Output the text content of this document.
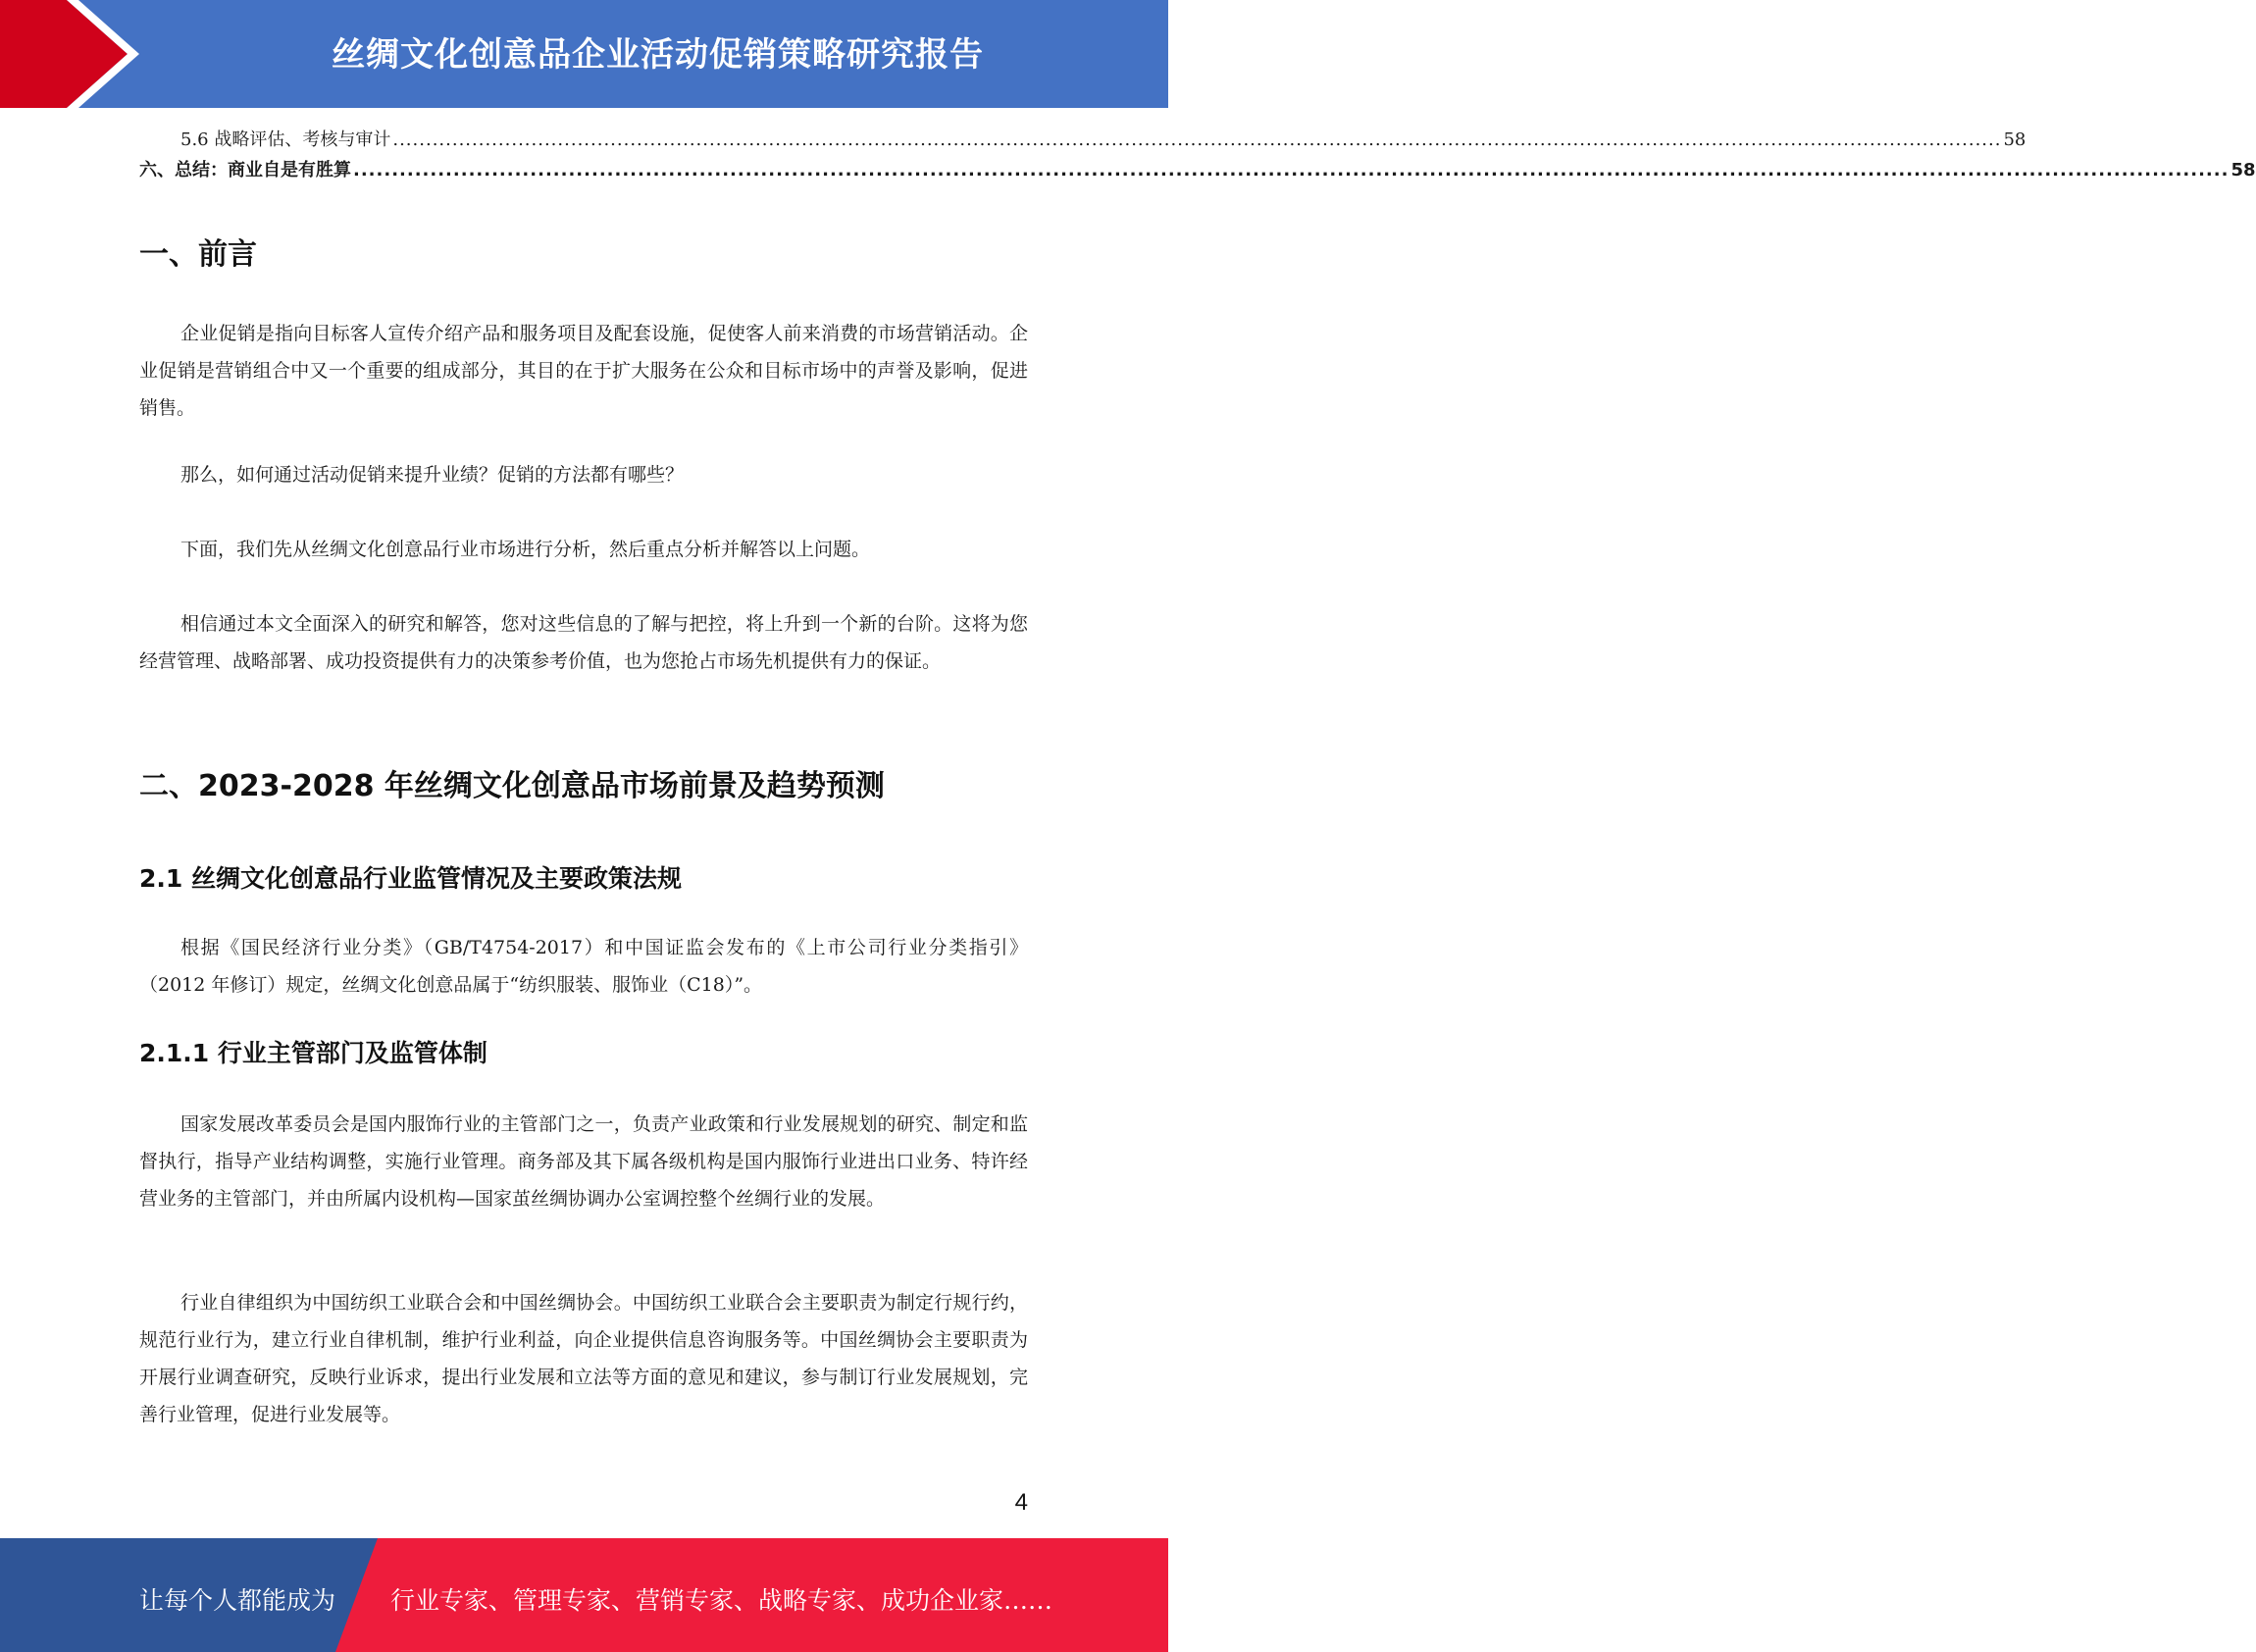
丝绸文化创意品企业活动促销策略研究报告
5.6 战略评估、考核与审计 .................................................................................................................................................................................................................................................... 58
六、总结：商业自是有胜算 .................................................................................................................................................................................................................................................... 58
一、前言

企业促销是指向目标客人宣传介绍产品和服务项目及配套设施，促使客人前来消费的市场营销活动。企业促销是营销组合中又一个重要的组成部分，其目的在于扩大服务在公众和目标市场中的声誉及影响，促进销售。

那么，如何通过活动促销来提升业绩？促销的方法都有哪些？

下面，我们先从丝绸文化创意品行业市场进行分析，然后重点分析并解答以上问题。

相信通过本文全面深入的研究和解答，您对这些信息的了解与把控，将上升到一个新的台阶。这将为您经营管理、战略部署、成功投资提供有力的决策参考价值，也为您抢占市场先机提供有力的保证。

二、2023-2028 年丝绸文化创意品市场前景及趋势预测
2.1 丝绸文化创意品行业监管情况及主要政策法规

根据《国民经济行业分类》（GB/T4754-2017）和中国证监会发布的《上市公司行业分类指引》（2012 年修订）规定，丝绸文化创意品属于“纺织服装、服饰业（C18）”。

2.1.1 行业主管部门及监管体制

国家发展改革委员会是国内服饰行业的主管部门之一，负责产业政策和行业发展规划的研究、制定和监督执行，指导产业结构调整，实施行业管理。商务部及其下属各级机构是国内服饰行业进出口业务、特许经营业务的主管部门，并由所属内设机构—国家茧丝绸协调办公室调控整个丝绸行业的发展。

行业自律组织为中国纺织工业联合会和中国丝绸协会。中国纺织工业联合会主要职责为制定行规行约，规范行业行为，建立行业自律机制，维护行业利益，向企业提供信息咨询服务等。中国丝绸协会主要职责为开展行业调查研究，反映行业诉求，提出行业发展和立法等方面的意见和建议，参与制订行业发展规划，完善行业管理，促进行业发展等。

4
让每个人都能成为 行业专家、管理专家、营销专家、战略专家、成功企业家……
